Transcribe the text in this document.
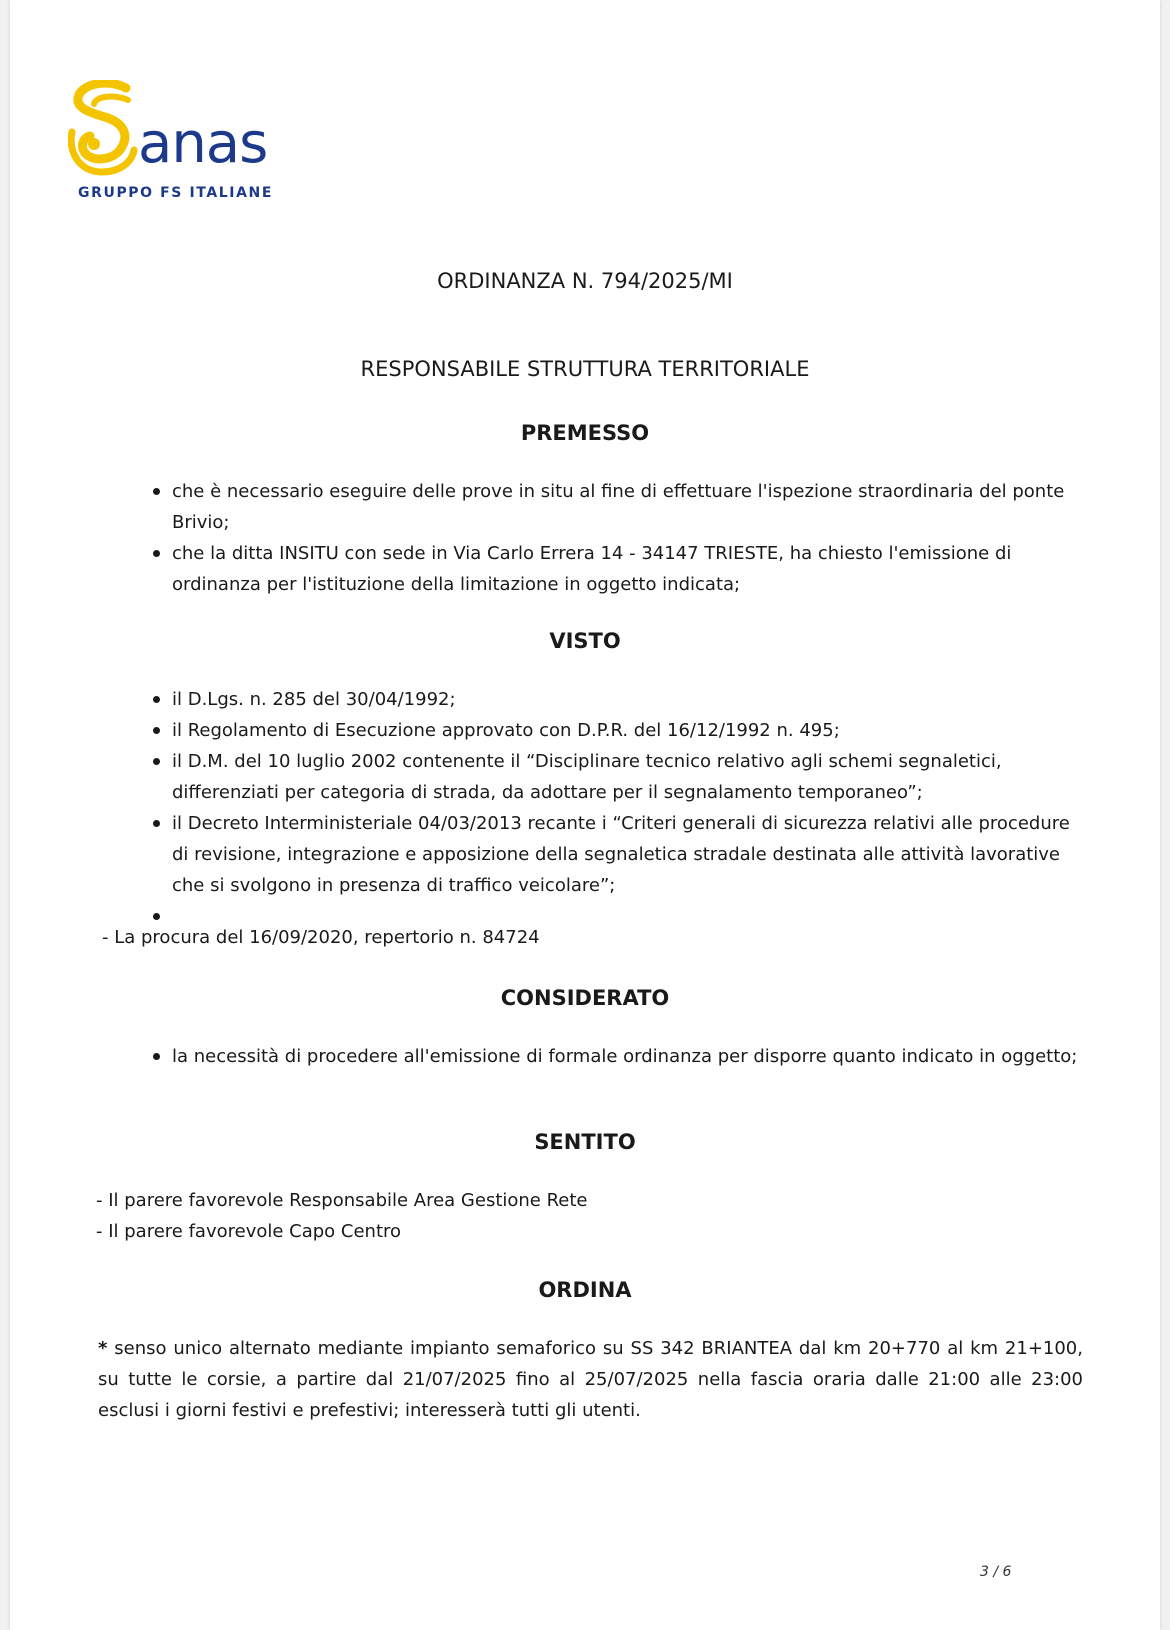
anas
GRUPPO FS ITALIANE
ORDINANZA N. 794/2025/MI
RESPONSABILE STRUTTURA TERRITORIALE
PREMESSO
che è necessario eseguire delle prove in situ al fine di effettuare l'ispezione straordinaria del ponte Brivio;
che la ditta INSITU con sede in Via Carlo Errera 14 - 34147 TRIESTE, ha chiesto l'emissione di ordinanza per l'istituzione della limitazione in oggetto indicata;
VISTO
il D.Lgs. n. 285 del 30/04/1992;
il Regolamento di Esecuzione approvato con D.P.R. del 16/12/1992 n. 495;
il D.M. del 10 luglio 2002 contenente il “Disciplinare tecnico relativo agli schemi segnaletici, differenziati per categoria di strada, da adottare per il segnalamento temporaneo”;
il Decreto Interministeriale 04/03/2013 recante i “Criteri generali di sicurezza relativi alle procedure di revisione, integrazione e apposizione della segnaletica stradale destinata alle attività lavorative che si svolgono in presenza di traffico veicolare”;
- La procura del 16/09/2020, repertorio n. 84724
CONSIDERATO
la necessità di procedere all'emissione di formale ordinanza per disporre quanto indicato in oggetto;
SENTITO
- Il parere favorevole Responsabile Area Gestione Rete
- Il parere favorevole Capo Centro
ORDINA
* senso unico alternato mediante impianto semaforico su SS 342 BRIANTEA dal km 20+770 al km 21+100, su tutte le corsie, a partire dal 21/07/2025 fino al 25/07/2025 nella fascia oraria dalle 21:00 alle 23:00 esclusi i giorni festivi e prefestivi; interesserà tutti gli utenti.
3 / 6
